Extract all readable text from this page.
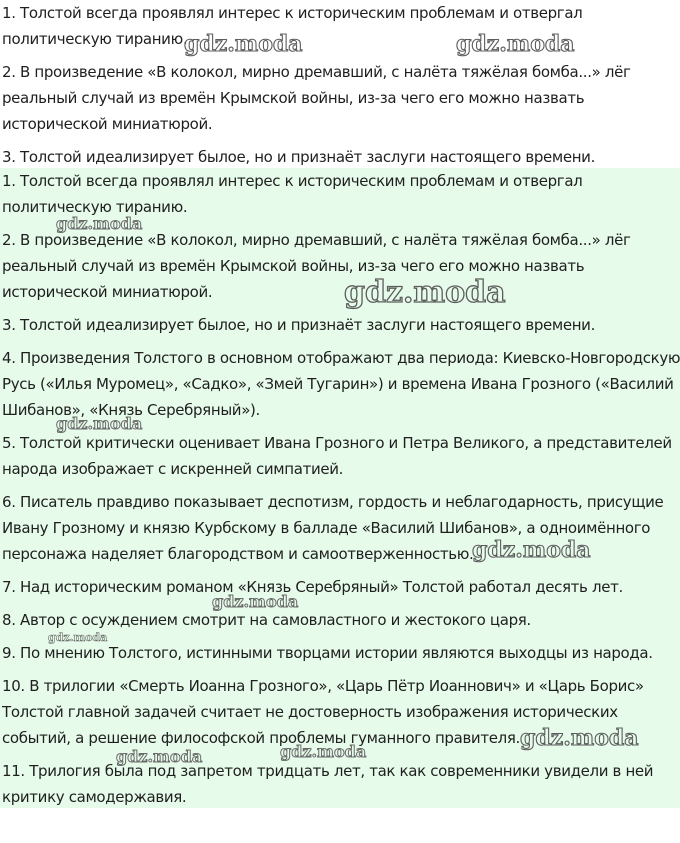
1. Толстой всегда проявлял интерес к историческим проблемам и отвергал
политическую тиранию.

2. В произведение «В колокол, мирно дремавший, с налёта тяжёлая бомба...» лёг
реальный случай из времён Крымской войны, из-за чего его можно назвать
исторической миниатюрой.

3. Толстой идеализирует былое, но и признаёт заслуги настоящего времени.

1. Толстой всегда проявлял интерес к историческим проблемам и отвергал
политическую тиранию.

2. В произведение «В колокол, мирно дремавший, с налёта тяжёлая бомба...» лёг
реальный случай из времён Крымской войны, из-за чего его можно назвать
исторической миниатюрой.

3. Толстой идеализирует былое, но и признаёт заслуги настоящего времени.

4. Произведения Толстого в основном отображают два периода: Киевско-Новгородскую
Русь («Илья Муромец», «Садко», «Змей Тугарин») и времена Ивана Грозного («Василий
Шибанов», «Князь Серебряный»).

5. Толстой критически оценивает Ивана Грозного и Петра Великого, а представителей
народа изображает с искренней симпатией.

6. Писатель правдиво показывает деспотизм, гордость и неблагодарность, присущие
Ивану Грозному и князю Курбскому в балладе «Василий Шибанов», а одноимённого
персонажа наделяет благородством и самоотверженностью.

7. Над историческим романом «Князь Серебряный» Толстой работал десять лет.

8. Автор с осуждением смотрит на самовластного и жестокого царя.

9. По мнению Толстого, истинными творцами истории являются выходцы из народа.

10. В трилогии «Смерть Иоанна Грозного», «Царь Пётр Иоаннович» и «Царь Борис»
Толстой главной задачей считает не достоверность изображения исторических
событий, а решение философской проблемы гуманного правителя.

11. Трилогия была под запретом тридцать лет, так как современники увидели в ней
критику самодержавия.

gdz.moda	gdz.moda
